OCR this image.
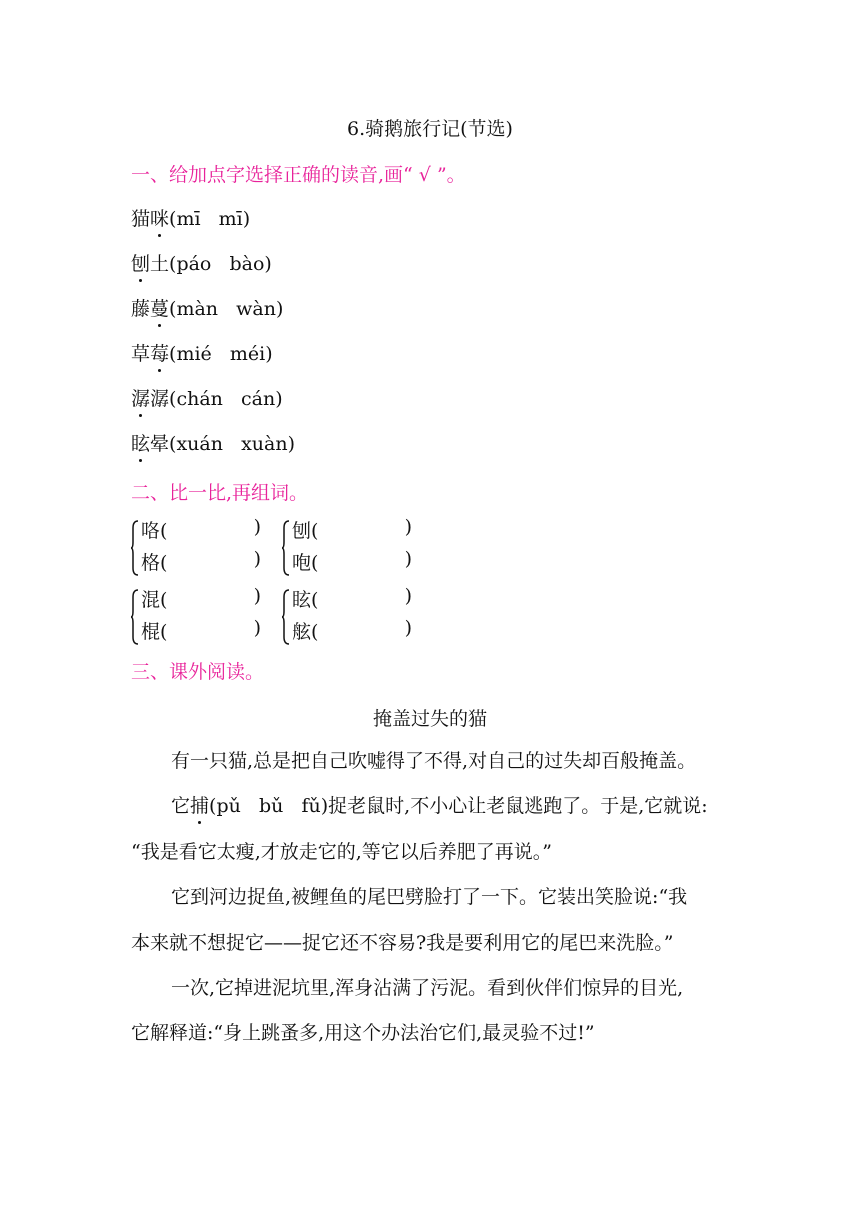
6.骑鹅旅行记(节选)
一、给加点字选择正确的读音,画“ √ ”。
猫咪(mī   mī)
刨土(páo   bào)
藤蔓(màn   wàn)
草莓(mié   méi)
潺潺(chán   cán)
眩晕(xuán   xuàn)
二、比一比,再组词。
咯(	)
格(	)
刨(	)
咆(	)
混(	)
棍(	)
眩(	)
舷(	)
三、课外阅读。
掩盖过失的猫
有一只猫,总是把自己吹嘘得了不得,对自己的过失却百般掩盖。
它捕(pǔ   bǔ   fǔ)捉老鼠时,不小心让老鼠逃跑了。于是,它就说:
“我是看它太瘦,才放走它的,等它以后养肥了再说。”
它到河边捉鱼,被鲤鱼的尾巴劈脸打了一下。它装出笑脸说:“我
本来就不想捉它——捉它还不容易?我是要利用它的尾巴来洗脸。”
一次,它掉进泥坑里,浑身沾满了污泥。看到伙伴们惊异的目光,
它解释道:“身上跳蚤多,用这个办法治它们,最灵验不过!”
